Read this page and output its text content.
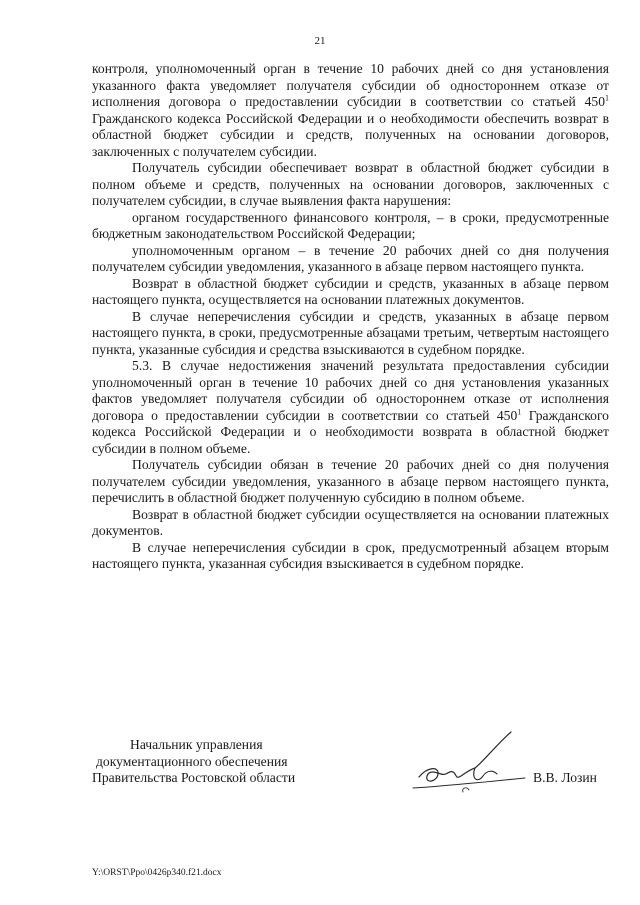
21

контроля, уполномоченный орган в течение 10 рабочих дней со дня установления указанного факта уведомляет получателя субсидии об одностороннем отказе от исполнения договора о предоставлении субсидии в соответствии со статьей $450^1$ Гражданского кодекса Российской Федерации и о необходимости обеспечить возврат в областной бюджет субсидии и средств, полученных на основании договоров, заключенных с получателем субсидии.

Получатель субсидии обеспечивает возврат в областной бюджет субсидии в полном объеме и средств, полученных на основании договоров, заключенных с получателем субсидии, в случае выявления факта нарушения:

органом государственного финансового контроля, – в сроки, предусмотренные бюджетным законодательством Российской Федерации;

уполномоченным органом – в течение 20 рабочих дней со дня получения получателем субсидии уведомления, указанного в абзаце первом настоящего пункта.

Возврат в областной бюджет субсидии и средств, указанных в абзаце первом настоящего пункта, осуществляется на основании платежных документов.

В случае неперечисления субсидии и средств, указанных в абзаце первом настоящего пункта, в сроки, предусмотренные абзацами третьим, четвертым настоящего пункта, указанные субсидия и средства взыскиваются в судебном порядке.

5.3. В случае недостижения значений результата предоставления субсидии уполномоченный орган в течение 10 рабочих дней со дня установления указанных фактов уведомляет получателя субсидии об одностороннем отказе от исполнения договора о предоставлении субсидии в соответствии со статьей $450^1$ Гражданского кодекса Российской Федерации и о необходимости возврата в областной бюджет субсидии в полном объеме.

Получатель субсидии обязан в течение 20 рабочих дней со дня получения получателем субсидии уведомления, указанного в абзаце первом настоящего пункта, перечислить в областной бюджет полученную субсидию в полном объеме.

Возврат в областной бюджет субсидии осуществляется на основании платежных документов.

В случае неперечисления субсидии в срок, предусмотренный абзацем вторым настоящего пункта, указанная субсидия взыскивается в судебном порядке.

Начальник управления
документационного обеспечения
Правительства Ростовской области	В.В. Лозин
Y:\ORST\Ppo\0426p340.f21.docx
